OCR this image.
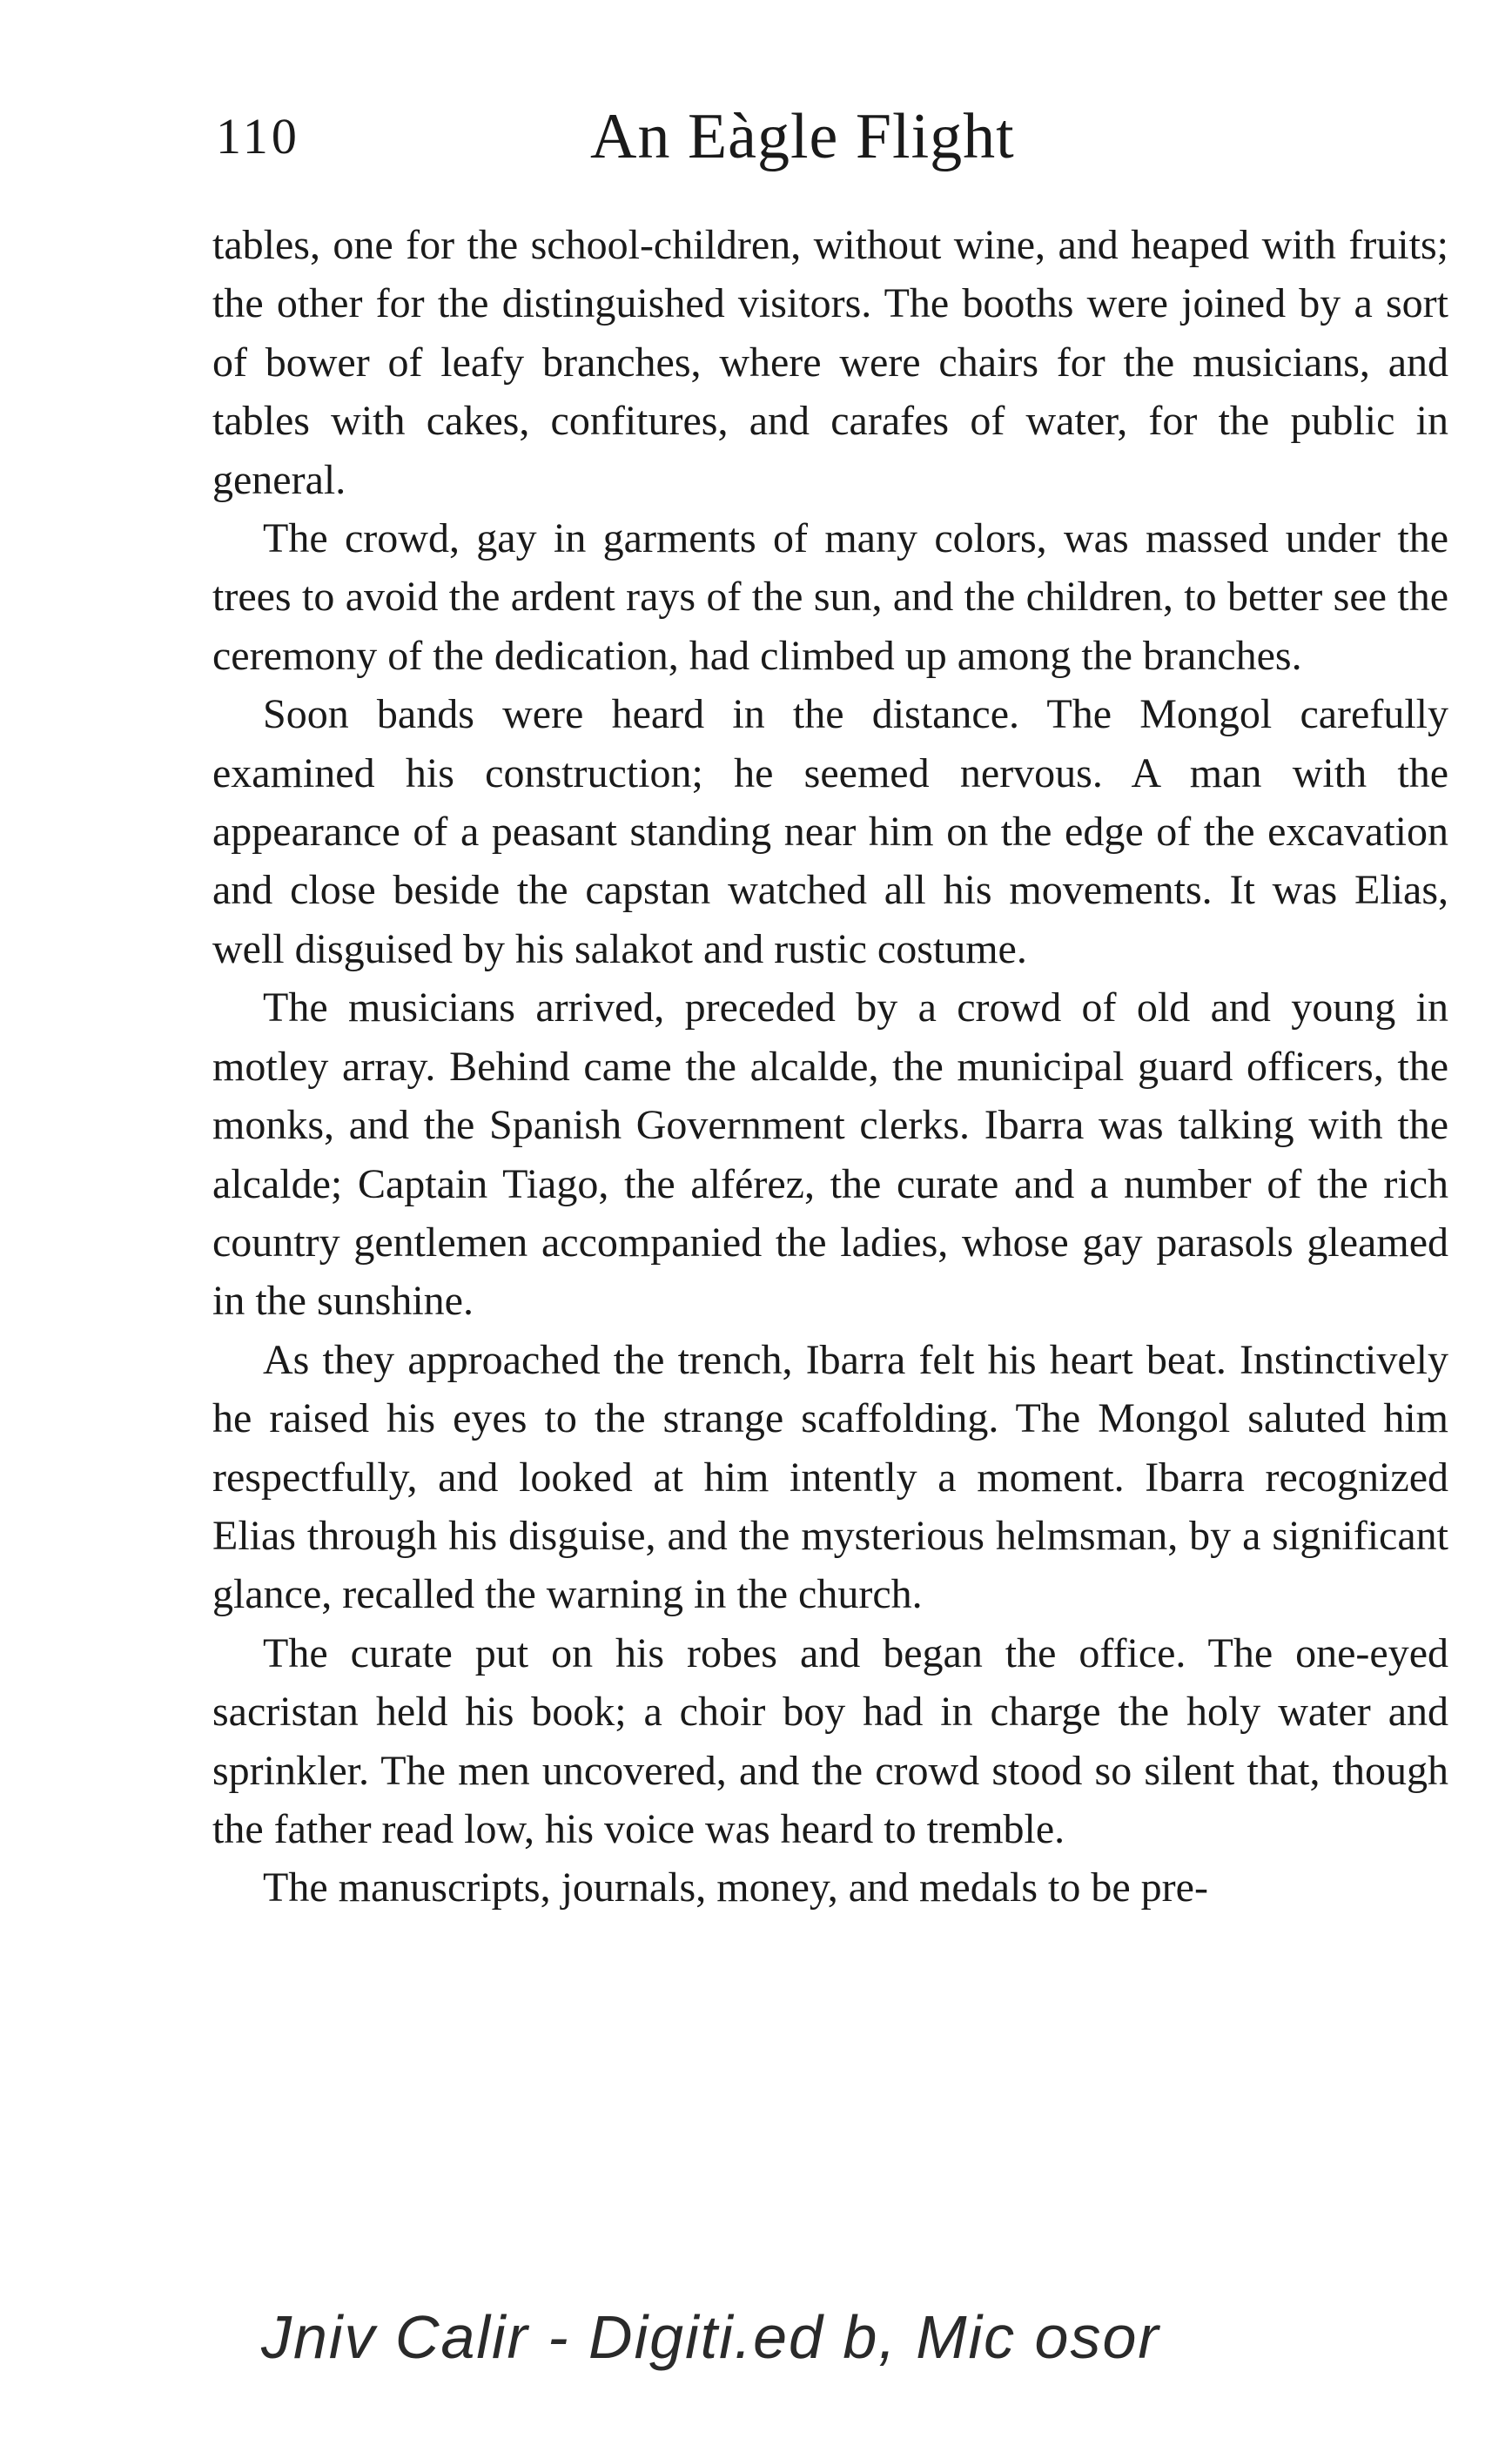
110	An Eàgle Flight

tables, one for the school-children, without wine, and heaped with fruits; the other for the distinguished visitors. The booths were joined by a sort of bower of leafy branches, where were chairs for the musicians, and tables with cakes, confitures, and carafes of water, for the public in general.

The crowd, gay in garments of many colors, was massed under the trees to avoid the ardent rays of the sun, and the children, to better see the ceremony of the dedication, had climbed up among the branches.

Soon bands were heard in the distance. The Mongol carefully examined his construction; he seemed nervous. A man with the appearance of a peasant standing near him on the edge of the excavation and close beside the capstan watched all his movements. It was Elias, well disguised by his salakot and rustic costume.

The musicians arrived, preceded by a crowd of old and young in motley array. Behind came the alcalde, the municipal guard officers, the monks, and the Spanish Government clerks. Ibarra was talking with the alcalde; Captain Tiago, the alférez, the curate and a number of the rich country gentlemen accompanied the ladies, whose gay parasols gleamed in the sunshine.

As they approached the trench, Ibarra felt his heart beat. Instinctively he raised his eyes to the strange scaffolding. The Mongol saluted him respectfully, and looked at him intently a moment. Ibarra recognized Elias through his disguise, and the mysterious helmsman, by a significant glance, recalled the warning in the church.

The curate put on his robes and began the office. The one-eyed sacristan held his book; a choir boy had in charge the holy water and sprinkler. The men uncovered, and the crowd stood so silent that, though the father read low, his voice was heard to tremble.

The manuscripts, journals, money, and medals to be pre-

Jniv Calir - Digiti.ed b, Mic osor
